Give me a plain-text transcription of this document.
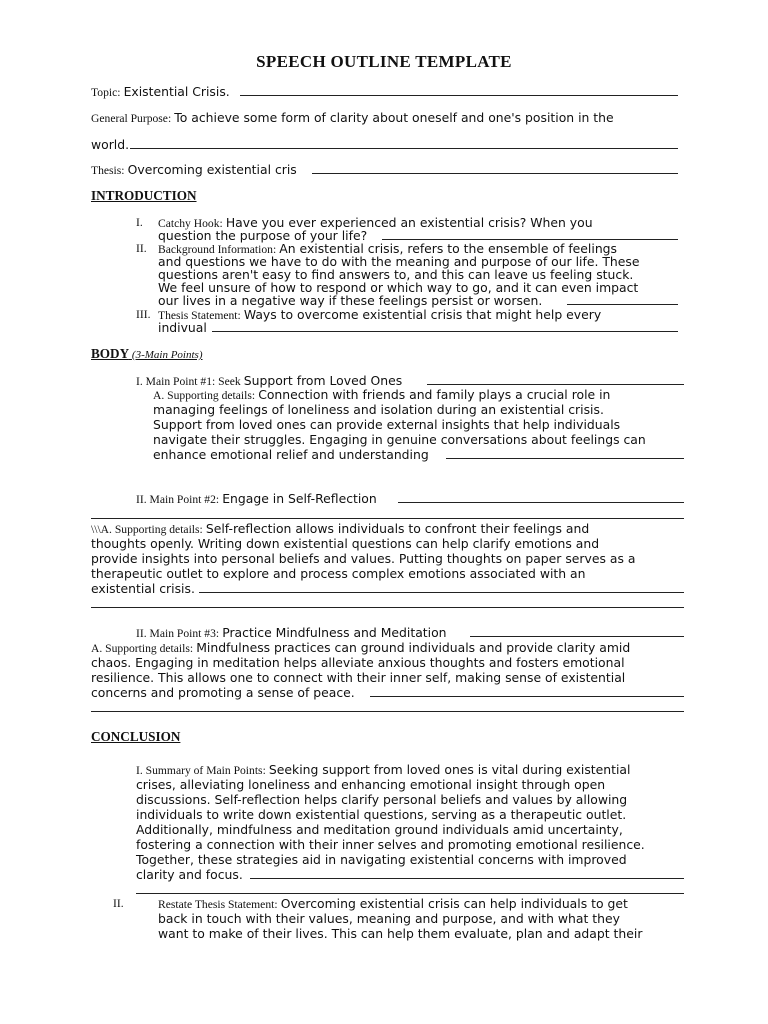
SPEECH OUTLINE TEMPLATE
Topic: Existential Crisis.
General Purpose: To achieve some form of clarity about oneself and one's position in the
world.
Thesis: Overcoming existential cris
INTRODUCTION
I. Catchy Hook: Have you ever experienced an existential crisis? When you
question the purpose of your life?
II. Background Information: An existential crisis, refers to the ensemble of feelings
and questions we have to do with the meaning and purpose of our life. These
questions aren't easy to find answers to, and this can leave us feeling stuck.
We feel unsure of how to respond or which way to go, and it can even impact
our lives in a negative way if these feelings persist or worsen.
III. Thesis Statement: Ways to overcome existential crisis that might help every
indivual
BODY (3-Main Points)
I. Main Point #1: Seek Support from Loved Ones
A. Supporting details: Connection with friends and family plays a crucial role in
managing feelings of loneliness and isolation during an existential crisis.
Support from loved ones can provide external insights that help individuals
navigate their struggles. Engaging in genuine conversations about feelings can
enhance emotional relief and understanding
II. Main Point #2: Engage in Self-Reflection
\\\A. Supporting details: Self-reflection allows individuals to confront their feelings and
thoughts openly. Writing down existential questions can help clarify emotions and
provide insights into personal beliefs and values. Putting thoughts on paper serves as a
therapeutic outlet to explore and process complex emotions associated with an
existential crisis.
II. Main Point #3: Practice Mindfulness and Meditation
A. Supporting details: Mindfulness practices can ground individuals and provide clarity amid
chaos. Engaging in meditation helps alleviate anxious thoughts and fosters emotional
resilience. This allows one to connect with their inner self, making sense of existential
concerns and promoting a sense of peace.
CONCLUSION
I. Summary of Main Points: Seeking support from loved ones is vital during existential
crises, alleviating loneliness and enhancing emotional insight through open
discussions. Self-reflection helps clarify personal beliefs and values by allowing
individuals to write down existential questions, serving as a therapeutic outlet.
Additionally, mindfulness and meditation ground individuals amid uncertainty,
fostering a connection with their inner selves and promoting emotional resilience.
Together, these strategies aid in navigating existential concerns with improved
clarity and focus.
II.	Restate Thesis Statement: Overcoming existential crisis can help individuals to get
back in touch with their values, meaning and purpose, and with what they
want to make of their lives. This can help them evaluate, plan and adapt their
